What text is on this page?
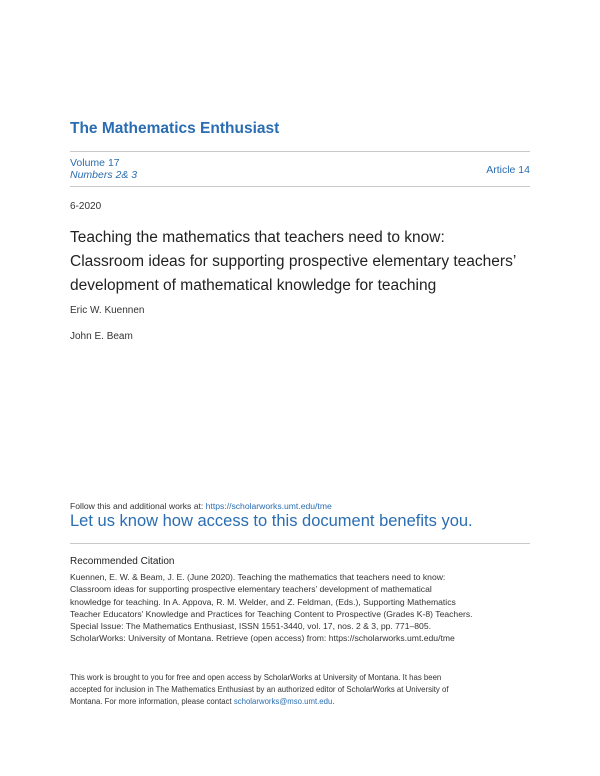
The Mathematics Enthusiast
Volume 17
Numbers 2& 3	Article 14
6-2020
Teaching the mathematics that teachers need to know:
Classroom ideas for supporting prospective elementary teachers’
development of mathematical knowledge for teaching
Eric W. Kuennen
John E. Beam
Follow this and additional works at: https://scholarworks.umt.edu/tme
Let us know how access to this document benefits you.
Recommended Citation

Kuennen, E. W. & Beam, J. E. (June 2020). Teaching the mathematics that teachers need to know:
Classroom ideas for supporting prospective elementary teachers’ development of mathematical
knowledge for teaching. In A. Appova, R. M. Welder, and Z. Feldman, (Eds.), Supporting Mathematics
Teacher Educators’ Knowledge and Practices for Teaching Content to Prospective (Grades K-8) Teachers.
Special Issue: The Mathematics Enthusiast, ISSN 1551-3440, vol. 17, nos. 2 & 3, pp. 771–805.
ScholarWorks: University of Montana. Retrieve (open access) from: https://scholarworks.umt.edu/tme

This work is brought to you for free and open access by ScholarWorks at University of Montana. It has been
accepted for inclusion in The Mathematics Enthusiast by an authorized editor of ScholarWorks at University of
Montana. For more information, please contact scholarworks@mso.umt.edu.
